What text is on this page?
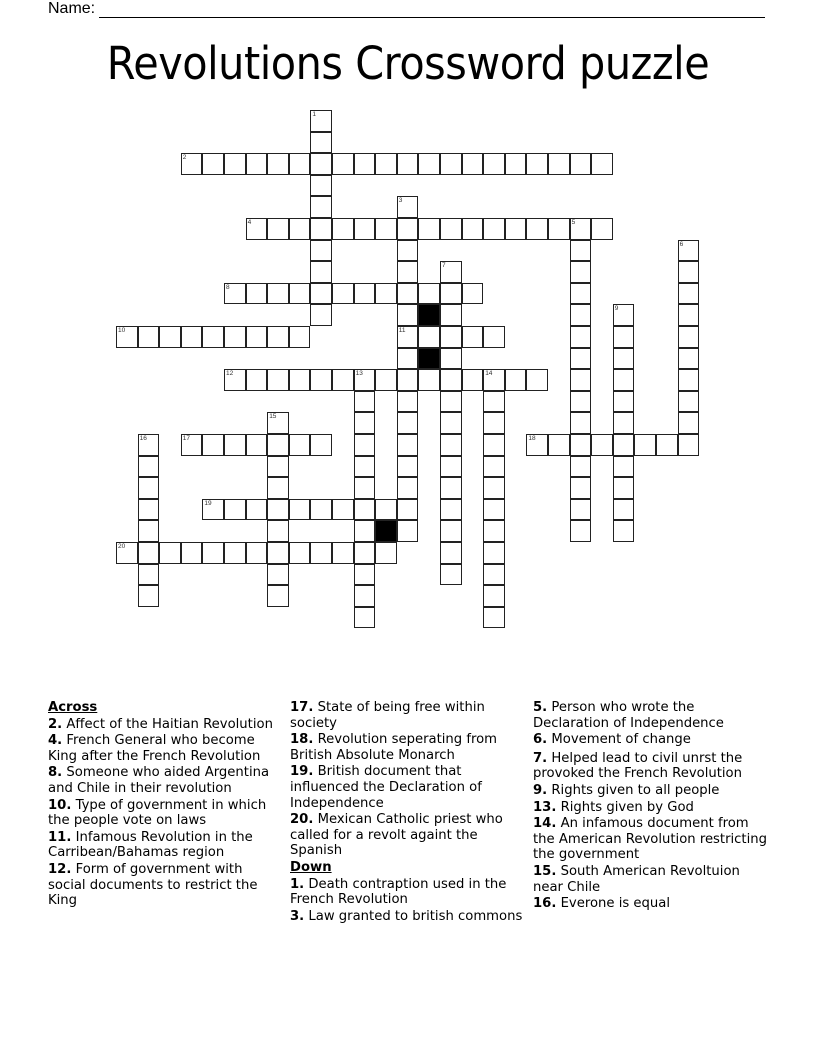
Name:
Revolutions Crossword puzzle
1
2
3
11
4	5
6
7
8
9
10
12	13	14
15
16	17	18
19
20
Across
2. Affect of the Haitian Revolution
4. French General who become King after the French Revolution
8. Someone who aided Argentina and Chile in their revolution
10. Type of government in which the people vote on laws
11. Infamous Revolution in the Carribean/Bahamas region
12. Form of government with social documents to restrict the King
17. State of being free within society
18. Revolution seperating from British Absolute Monarch
19. British document that influenced the Declaration of Independence
20. Mexican Catholic priest who called for a revolt againt the Spanish
Down
1. Death contraption used in the French Revolution
3. Law granted to british commons
5. Person who wrote the Declaration of Independence
6. Movement of change
7. Helped lead to civil unrst the provoked the French Revolution
9. Rights given to all people
13. Rights given by God
14. An infamous document from the American Revolution restricting the government
15. South American Revoltuion near Chile
16. Everone is equal
